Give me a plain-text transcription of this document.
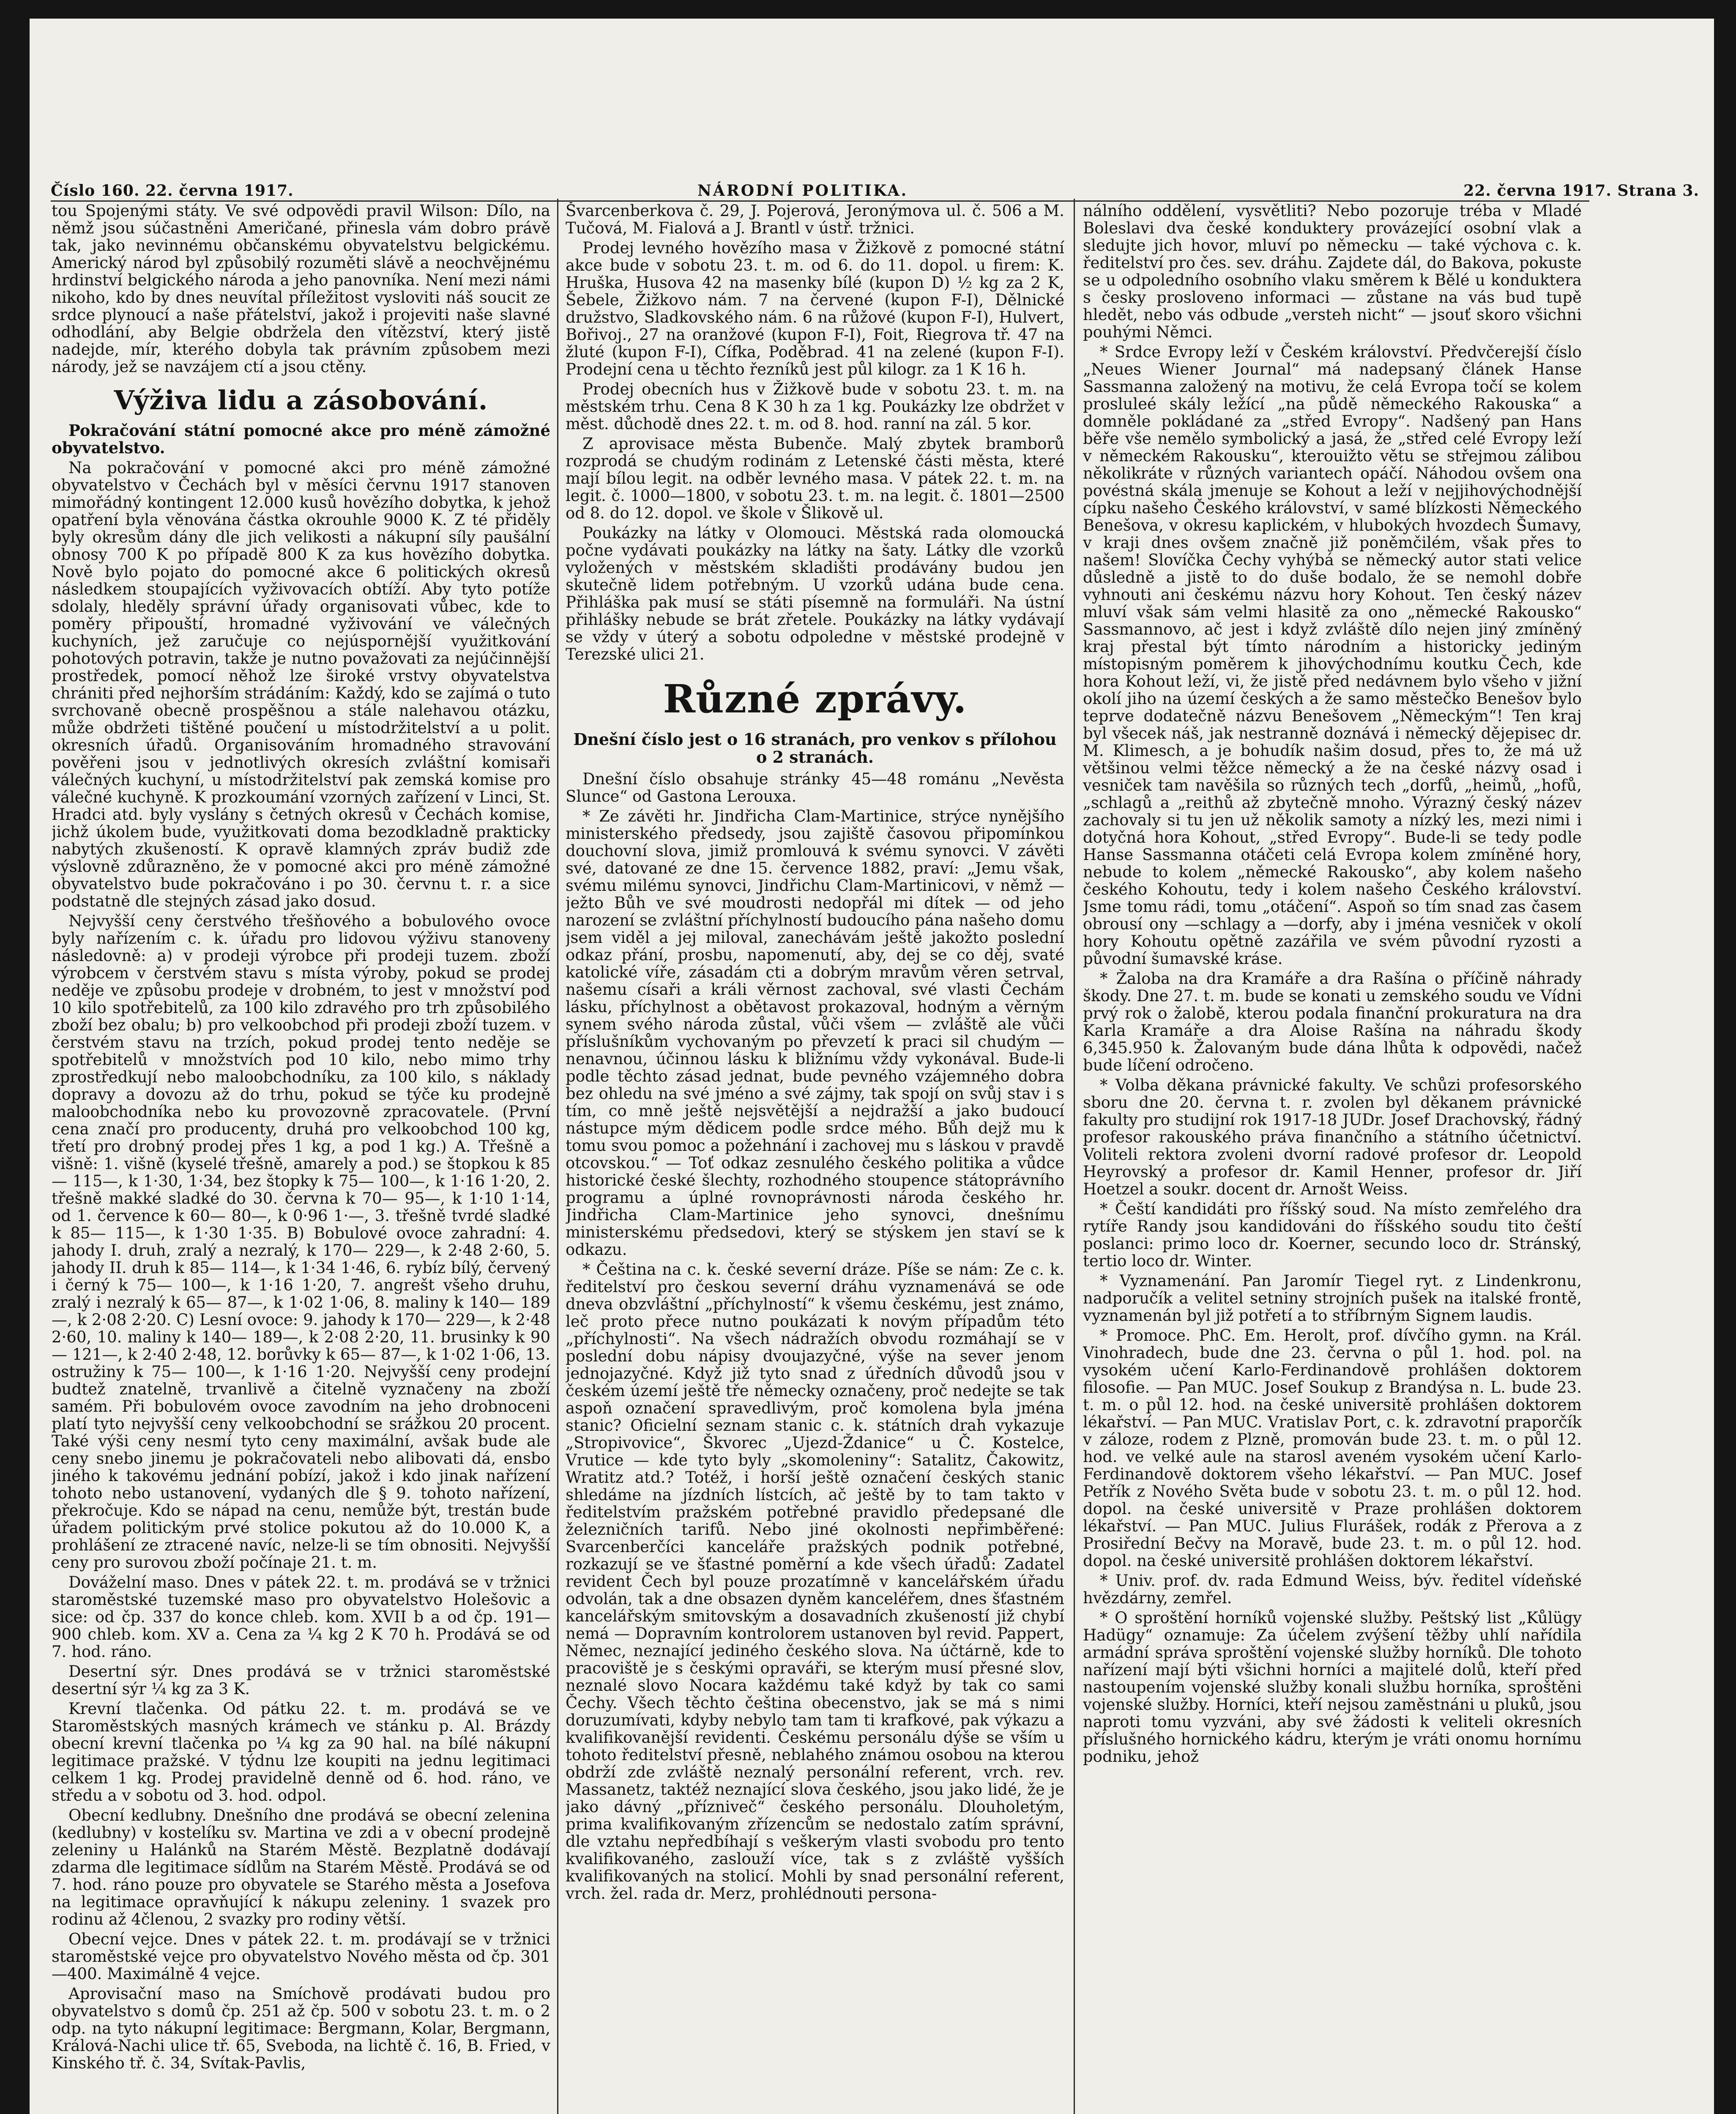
Číslo 160. 22. června 1917.	NÁRODNÍ POLITIKA.	22. června 1917. Strana 3.

tou Spojenými státy. Ve své odpovědi pravil Wilson: Dílo, na němž jsou súčastněni Američané, přinesla vám dobro právě tak, jako nevinnému občanskému obyvatelstvu belgickému. Americký národ byl způsobilý rozuměti slávě a neochvějnému hrdinství belgického národa a jeho panovníka. Není mezi námi nikoho, kdo by dnes neuvítal příležitost vysloviti náš soucit ze srdce plynoucí a naše přátelství, jakož i projeviti naše slavné odhodlání, aby Belgie obdržela den vítězství, který jistě nadejde, mír, kterého dobyla tak právním způsobem mezi národy, jež se navzájem ctí a jsou ctěny.

Výživa lidu a zásobování.

Pokračování státní pomocné akce pro méně zámožné obyvatelstvo.

Na pokračování v pomocné akci pro méně zámožné obyvatelstvo v Čechách byl v měsíci červnu 1917 stanoven mimořádný kontingent 12.000 kusů hovězího dobytka, k jehož opatření byla věnována částka okrouhle 9000 K. Z té přiděly byly okresům dány dle jich velikosti a nákupní síly paušální obnosy 700 K po případě 800 K za kus hovězího dobytka. Nově bylo pojato do pomocné akce 6 politických okresů následkem stoupajících vyživovacích obtíží. Aby tyto potíže sdolaly, hleděly správní úřady organisovati vůbec, kde to poměry připouští, hromadné vyživování ve válečných kuchyních, jež zaručuje co nejúspornější využitkování pohotových potravin, takže je nutno považovati za nejúčinnější prostředek, pomocí něhož lze široké vrstvy obyvatelstva chrániti před nejhorším strádáním: Každý, kdo se zajímá o tuto svrchovaně obecně prospěšnou a stále nalehavou otázku, může obdržeti tištěné poučení u místodržitelství a u polit. okresních úřadů. Organisováním hromadného stravování pověřeni jsou v jednotlivých okresích zvláštní komisaři válečných kuchyní, u místodržitelství pak zemská komise pro válečné kuchyně. K prozkoumání vzorných zařízení v Linci, St. Hradci atd. byly vyslány s četných okresů v Čechách komise, jichž úkolem bude, využitkovati doma bezodkladně prakticky nabytých zkušeností. K opravě klamných zpráv budiž zde výslovně zdůrazněno, že v pomocné akci pro méně zámožné obyvatelstvo bude pokračováno i po 30. červnu t. r. a sice podstatně dle stejných zásad jako dosud.

Nejvyšší ceny čerstvého třešňového a bobulového ovoce byly nařízením c. k. úřadu pro lidovou výživu stanoveny následovně: a) v prodeji výrobce při prodeji tuzem. zboží výrobcem v čerstvém stavu s místa výroby, pokud se prodej neděje ve způsobu prodeje v drobném, to jest v množství pod 10 kilo spotřebitelů, za 100 kilo zdravého pro trh způsobilého zboží bez obalu; b) pro velkoobchod při prodeji zboží tuzem. v čerstvém stavu na trzích, pokud prodej tento neděje se spotřebitelů v množstvích pod 10 kilo, nebo mimo trhy zprostředkují nebo maloobchodníku, za 100 kilo, s náklady dopravy a dovozu až do trhu, pokud se týče ku prodejně maloobchodníka nebo ku provozovně zpracovatele. (První cena značí pro producenty, druhá pro velkoobchod 100 kg, třetí pro drobný prodej přes 1 kg, a pod 1 kg.) A. Třešně a višně: 1. višně (kyselé třešně, amarely a pod.) se štopkou k 85— 115—, k 1·30, 1·34, bez štopky k 75— 100—, k 1·16 1·20, 2. třešně makké sladké do 30. června k 70— 95—, k 1·10 1·14, od 1. července k 60— 80—, k 0·96 1·—, 3. třešně tvrdé sladké k 85— 115—, k 1·30 1·35. B) Bobulové ovoce zahradní: 4. jahody I. druh, zralý a nezralý, k 170— 229—, k 2·48 2·60, 5. jahody II. druh k 85— 114—, k 1·34 1·46, 6. rybíz bílý, červený i černý k 75— 100—, k 1·16 1·20, 7. angrešt všeho druhu, zralý i nezralý k 65— 87—, k 1·02 1·06, 8. maliny k 140— 189—, k 2·08 2·20. C) Lesní ovoce: 9. jahody k 170— 229—, k 2·48 2·60, 10. maliny k 140— 189—, k 2·08 2·20, 11. brusinky k 90— 121—, k 2·40 2·48, 12. borůvky k 65— 87—, k 1·02 1·06, 13. ostružiny k 75— 100—, k 1·16 1·20. Nejvyšší ceny prodejní budtež znatelně, trvanlivě a čitelně vyznačeny na zboží samém. Při bobulovém ovoce zavodním na jeho drobnoceni platí tyto nejvyšší ceny velkoobchodní se srážkou 20 procent. Také výši ceny nesmí tyto ceny maximální, avšak bude ale ceny snebo jinemu je pokračovateli nebo alibovati dá, ensbo jiného k takovému jednání pobízí, jakož i kdo jinak nařízení tohoto nebo ustanovení, vydaných dle § 9. tohoto nařízení, překročuje. Kdo se nápad na cenu, nemůže být, trestán bude úřadem politickým prvé stolice pokutou až do 10.000 K, a prohlášení ze ztracené navíc, nelze-li se tím obnositi. Nejvyšší ceny pro surovou zboží počínaje 21. t. m.

Dováželní maso. Dnes v pátek 22. t. m. prodává se v tržnici staroměstské tuzemské maso pro obyvatelstvo Holešovic a sice: od čp. 337 do konce chleb. kom. XVII b a od čp. 191—900 chleb. kom. XV a. Cena za ¼ kg 2 K 70 h. Prodává se od 7. hod. ráno.

Desertní sýr. Dnes prodává se v tržnici staroměstské desertní sýr ¼ kg za 3 K.

Krevní tlačenka. Od pátku 22. t. m. prodává se ve Staroměstských masných krámech ve stánku p. Al. Brázdy obecní krevní tlačenka po ¼ kg za 90 hal. na bílé nákupní legitimace pražské. V týdnu lze koupiti na jednu legitimaci celkem 1 kg. Prodej pravidelně denně od 6. hod. ráno, ve středu a v sobotu od 3. hod. odpol.

Obecní kedlubny. Dnešního dne prodává se obecní zelenina (kedlubny) v kostelíku sv. Martina ve zdi a v obecní prodejně zeleniny u Halánků na Starém Městě. Bezplatně dodávají zdarma dle legitimace sídlům na Starém Městě. Prodává se od 7. hod. ráno pouze pro obyvatele se Starého města a Josefova na legitimace opravňující k nákupu zeleniny. 1 svazek pro rodinu až 4členou, 2 svazky pro rodiny větší.

Obecní vejce. Dnes v pátek 22. t. m. prodávají se v tržnici staroměstské vejce pro obyvatelstvo Nového města od čp. 301—400. Maximálně 4 vejce.

Aprovisační maso na Smíchově prodávati budou pro obyvatelstvo s domů čp. 251 až čp. 500 v sobotu 23. t. m. o 2 odp. na tyto nákupní legitimace: Bergmann, Kolar, Bergmann, Králová-Nachi ulice tř. 65, Sveboda, na lichtě č. 16, B. Fried, v Kinského tř. č. 34, Svítak-Pavlis,

Švarcenberkova č. 29, J. Pojerová, Jeronýmova ul. č. 506 a M. Tučová, M. Fialová a J. Brantl v ústř. tržnici.

Prodej levného hovězího masa v Žižkově z pomocné státní akce bude v sobotu 23. t. m. od 6. do 11. dopol. u firem: K. Hruška, Husova 42 na masenky bílé (kupon D) ½ kg za 2 K, Šebele, Žižkovo nám. 7 na červené (kupon F-I), Dělnické družstvo, Sladkovského nám. 6 na růžové (kupon F-I), Hulvert, Bořivoj., 27 na oranžové (kupon F-I), Foit, Riegrova tř. 47 na žluté (kupon F-I), Cífka, Poděbrad. 41 na zelené (kupon F-I). Prodejní cena u těchto řezníků jest půl kilogr. za 1 K 16 h.

Prodej obecních hus v Žižkově bude v sobotu 23. t. m. na městském trhu. Cena 8 K 30 h za 1 kg. Poukázky lze obdržet v měst. důchodě dnes 22. t. m. od 8. hod. ranní na zál. 5 kor.

Z aprovisace města Bubenče. Malý zbytek bramborů rozprodá se chudým rodinám z Letenské části města, které mají bílou legit. na odběr levného masa. V pátek 22. t. m. na legit. č. 1000—1800, v sobotu 23. t. m. na legit. č. 1801—2500 od 8. do 12. dopol. ve škole v Šlikově ul.

Poukázky na látky v Olomouci. Městská rada olomoucká počne vydávati poukázky na látky na šaty. Látky dle vzorků vyložených v městském skladišti prodávány budou jen skutečně lidem potřebným. U vzorků udána bude cena. Přihláška pak musí se státi písemně na formuláři. Na ústní přihlášky nebude se brát zřetele. Poukázky na látky vydávají se vždy v úterý a sobotu odpoledne v městské prodejně v Terezské ulici 21.

Různé zprávy.
Dnešní číslo jest o 16 stranách, pro venkov s přílohou o 2 stranách.

Dnešní číslo obsahuje stránky 45—48 románu „Nevěsta Slunce“ od Gastona Lerouxa.

* Ze závěti hr. Jindřicha Clam-Martinice, strýce nynějšího ministerského předsedy, jsou zajiště časovou připomínkou douchovní slova, jimiž promlouvá k svému synovci. V závěti své, datované ze dne 15. července 1882, praví: „Jemu však, svému milému synovci, Jindřichu Clam-Martinicovi, v němž — ježto Bůh ve své moudrosti nedopřál mi dítek — od jeho narození se zvláštní příchylností budoucího pána našeho domu jsem viděl a jej miloval, zanechávám ještě jakožto poslední odkaz přání, prosbu, napomenutí, aby, dej se co děj, svaté katolické víře, zásadám cti a dobrým mravům věren setrval, našemu císaři a králi věrnost zachoval, své vlasti Čechám lásku, příchylnost a obětavost prokazoval, hodným a věrným synem svého národa zůstal, vůči všem — zvláště ale vůči příslušníkům vychovaným po převzetí k praci sil chudým — nenavnou, účinnou lásku k bližnímu vždy vykonával. Bude-li podle těchto zásad jednat, bude pevného vzájemného dobra bez ohledu na své jméno a své zájmy, tak spojí on svůj stav i s tím, co mně ještě nejsvětější a nejdražší a jako budoucí nástupce mým dědicem podle srdce mého. Bůh dejž mu k tomu svou pomoc a požehnání i zachovej mu s láskou v pravdě otcovskou.“ — Toť odkaz zesnulého českého politika a vůdce historické české šlechty, rozhodného stoupence státoprávního programu a úplné rovnoprávnosti národa českého hr. Jindřicha Clam-Martinice jeho synovci, dnešnímu ministerskému předsedovi, který se stýskem jen staví se k odkazu.

* Čeština na c. k. české severní dráze. Píše se nám: Ze c. k. ředitelství pro českou severní dráhu vyznamenává se ode dneva obzvláštní „příchylností“ k všemu českému, jest známo, leč proto přece nutno poukázati k novým případům této „příchylnosti“. Na všech nádražích obvodu rozmáhají se v poslední dobu nápisy dvoujazyčné, výše na sever jenom jednojazyčné. Když již tyto snad z úředních důvodů jsou v českém území ještě tře německy označeny, proč nedejte se tak aspoň označení spravedlivým, proč komolena byla jména stanic? Oficielní seznam stanic c. k. státních drah vykazuje „Stropivovice“, Škvorec „Ujezd-Ždanice“ u Č. Kostelce, Vrutice — kde tyto byly „skomoleniny“: Satalitz, Čakowitz, Wratitz atd.? Totéž, i horší ještě označení českých stanic shledáme na jízdních lístcích, ač ještě by to tam takto v ředitelstvím pražském potřebné pravidlo předepsané dle železničních tarifů. Nebo jiné okolnosti nepřimběřené: Svarcenberčíci kanceláře pražských podnik potřebné, rozkazují se ve šťastné poměrní a kde všech úřadů: Zadatel revident Čech byl pouze prozatímně v kancelářském úřadu odvolán, tak a dne obsazen dyněm kanceléřem, dnes šťastném kancelářským smitovským a dosavadních zkušeností již chybí nemá — Dopravním kontrolorem ustanoven byl revid. Pappert, Němec, neznající jediného českého slova. Na účtárně, kde to pracoviště je s českými opraváři, se kterým musí přesné slov, neznalé slovo Nocara každému také když by tak co sami Čechy. Všech těchto čeština obecenstvo, jak se má s nimi doruzumívati, kdyby nebylo tam tam ti krafkové, pak výkazu a kvalifikovanější revidenti. Českému personálu dýše se vším u tohoto ředitelství přesně, neblahého známou osobou na kterou obdrží zde zvláště neznalý personální referent, vrch. rev. Massanetz, taktéž neznající slova českého, jsou jako lidé, že je jako dávný „přízniveč“ českého personálu. Dlouholetým, prima kvalifikovaným zřízencům se nedostalo zatím správní, dle vztahu nepředbíhají s veškerým vlasti svobodu pro tento kvalifikovaného, zaslouží více, tak s z zvláště vyšších kvalifikovaných na stolicí. Mohli by snad personální referent, vrch. žel. rada dr. Merz, prohlédnouti persona-

nálního oddělení, vysvětliti? Nebo pozoruje tréba v Mladé Boleslavi dva české konduktery provázející osobní vlak a sledujte jich hovor, mluví po německu — také výchova c. k. ředitelství pro čes. sev. dráhu. Zajdete dál, do Bakova, pokuste se u odpoledního osobního vlaku směrem k Bělé u konduktera s česky prosloveno informaci — zůstane na vás bud tupě hledět, nebo vás odbude „versteh nicht“ — jsouť skoro všichni pouhými Němci.

* Srdce Evropy leží v Českém království. Předvčerejší číslo „Neues Wiener Journal“ má nadepsaný článek Hanse Sassmanna založený na motivu, že celá Evropa točí se kolem prosluleé skály ležící „na půdě německého Rakouska“ a domněle pokládané za „střed Evropy“. Nadšený pan Hans běře vše nemělo symbolický a jasá, že „střed celé Evropy leží v německém Rakousku“, kterouižto větu se střejmou zálibou několikráte v různých variantech opáčí. Náhodou ovšem ona povéstná skála jmenuje se Kohout a leží v nejjihovýchodnější cípku našeho Českého království, v samé blízkosti Německého Benešova, v okresu kaplickém, v hlubokých hvozdech Šumavy, v kraji dnes ovšem značně již poněmčilém, však přes to našem! Slovíčka Čechy vyhýbá se německý autor stati velice důsledně a jistě to do duše bodalo, že se nemohl dobře vyhnouti ani českému názvu hory Kohout. Ten český název mluví však sám velmi hlasitě za ono „německé Rakousko“ Sassmannovo, ač jest i když zvláště dílo nejen jiný zmíněný kraj přestal být tímto národním a historicky jediným místopisným poměrem k jihovýchodnímu koutku Čech, kde hora Kohout leží, vi, že jistě před nedávnem bylo všeho v jižní okolí jiho na území českých a že samo městečko Benešov bylo teprve dodatečně názvu Benešovem „Německým“! Ten kraj byl všecek náš, jak nestranně doznává i německý dějepisec dr. M. Klimesch, a je bohudík našim dosud, přes to, že má už většinou velmi těžce německý a že na české názvy osad i vesniček tam navěšila so různých tech „dorfů, „heimů, „hofů, „schlagů a „reithů až zbytečně mnoho. Výrazný český název zachovaly si tu jen už několik samoty a nízký les, mezi nimi i dotyčná hora Kohout, „střed Evropy“. Bude-li se tedy podle Hanse Sassmanna otáčeti celá Evropa kolem zmíněné hory, nebude to kolem „německé Rakousko“, aby kolem našeho českého Kohoutu, tedy i kolem našeho Českého království. Jsme tomu rádi, tomu „otáčení“. Aspoň so tím snad zas časem obrousí ony —schlagy a —dorfy, aby i jména vesniček v okolí hory Kohoutu opětně zazářila ve svém původní ryzosti a původní šumavské kráse.

* Žaloba na dra Kramáře a dra Rašína o příčině náhrady škody. Dne 27. t. m. bude se konati u zemského soudu ve Vídni prvý rok o žalobě, kterou podala finanční prokuratura na dra Karla Kramáře a dra Aloise Rašína na náhradu škody 6,345.950 k. Žalovaným bude dána lhůta k odpovědi, načež bude líčení odročeno.

* Volba děkana právnické fakulty. Ve schůzi profesorského sboru dne 20. června t. r. zvolen byl děkanem právnické fakulty pro studijní rok 1917-18 JUDr. Josef Drachovský, řádný profesor rakouského práva finančního a státního účetnictví. Voliteli rektora zvoleni dvorní radové profesor dr. Leopold Heyrovský a profesor dr. Kamil Henner, profesor dr. Jiří Hoetzel a soukr. docent dr. Arnošt Weiss.

* Čeští kandidáti pro říšský soud. Na místo zemřelého dra rytíře Randy jsou kandidováni do říšského soudu tito čeští poslanci: primo loco dr. Koerner, secundo loco dr. Stránský, tertio loco dr. Winter.

* Vyznamenání. Pan Jaromír Tiegel ryt. z Lindenkronu, nadporučík a velitel setniny strojních pušek na italské frontě, vyznamenán byl již potřetí a to stříbrným Signem laudis.

* Promoce. PhC. Em. Herolt, prof. dívčího gymn. na Král. Vinohradech, bude dne 23. června o půl 1. hod. pol. na vysokém učení Karlo-Ferdinandově prohlášen doktorem filosofie. — Pan MUC. Josef Soukup z Brandýsa n. L. bude 23. t. m. o půl 12. hod. na české universitě prohlášen doktorem lékařství. — Pan MUC. Vratislav Port, c. k. zdravotní praporčík v záloze, rodem z Plzně, promován bude 23. t. m. o půl 12. hod. ve velké aule na starosl aveném vysokém učení Karlo-Ferdinandově doktorem všeho lékařství. — Pan MUC. Josef Petřík z Nového Světa bude v sobotu 23. t. m. o půl 12. hod. dopol. na české universitě v Praze prohlášen doktorem lékařství. — Pan MUC. Julius Flurášek, rodák z Přerova a z Prosiřední Bečvy na Moravě, bude 23. t. m. o půl 12. hod. dopol. na české universitě prohlášen doktorem lékařství.

* Univ. prof. dv. rada Edmund Weiss, býv. ředitel vídeňské hvězdárny, zemřel.

* O sproštění horníků vojenské služby. Peštský list „Kůlügy Hadügy“ oznamuje: Za účelem zvýšení těžby uhlí nařídila armádní správa sproštění vojenské služby horníků. Dle tohoto nařízení mají býti všichni horníci a majitelé dolů, kteří před nastoupením vojenské služby konali službu horníka, sproštěni vojenské služby. Horníci, kteří nejsou zaměstnáni u pluků, jsou naproti tomu vyzváni, aby své žádosti k veliteli okresních příslušného hornického kádru, kterým je vráti onomu hornímu podniku, jehož
